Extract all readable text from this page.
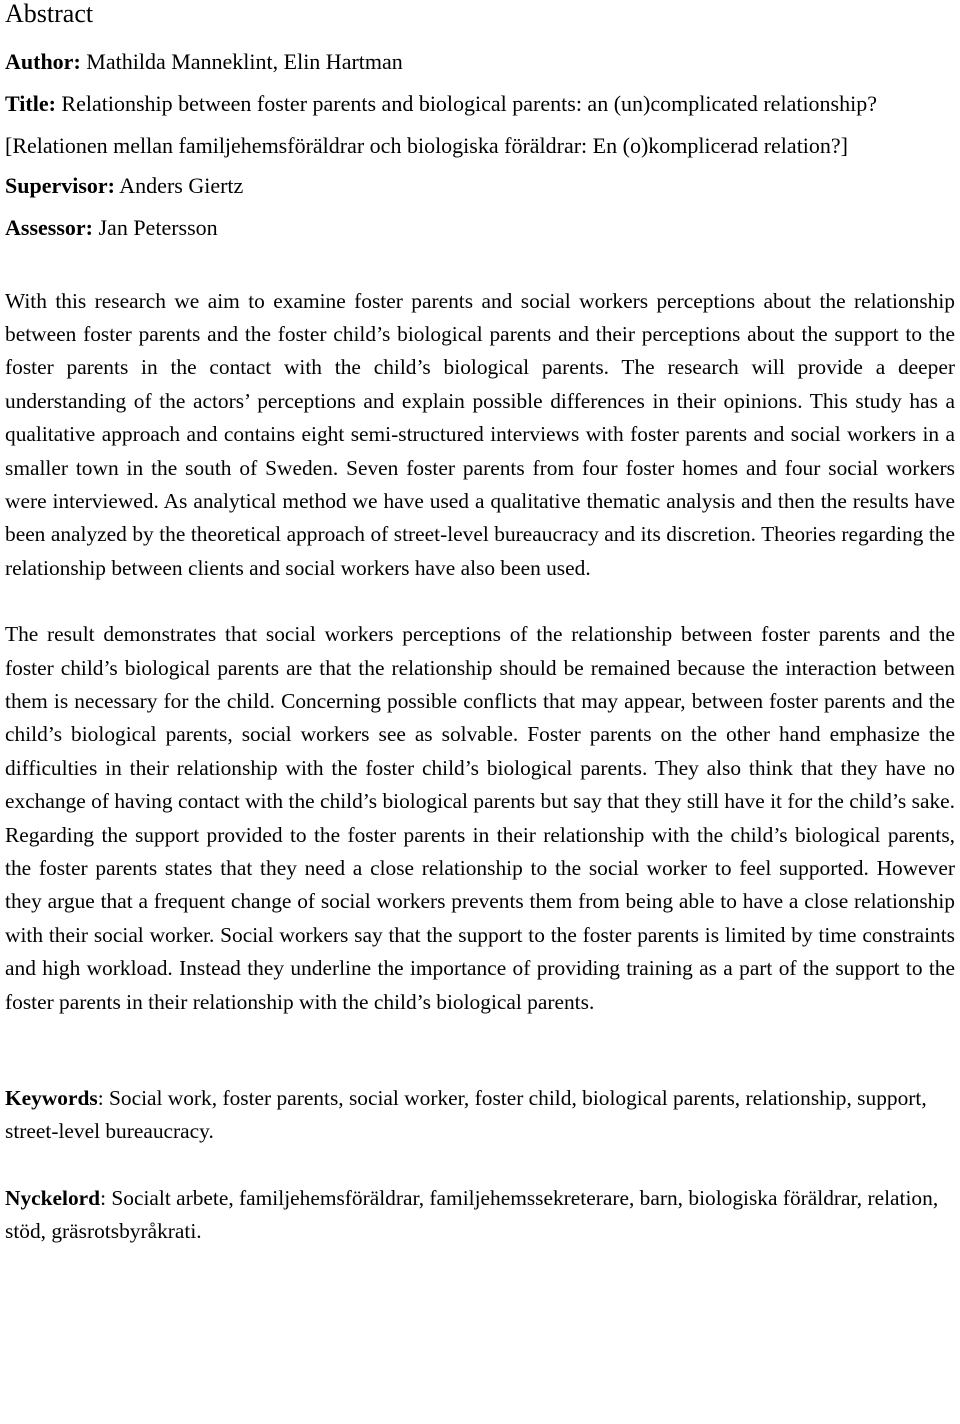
Abstract

Author: Mathilda Manneklint, Elin Hartman

Title: Relationship between foster parents and biological parents: an (un)complicated relationship? [Relationen mellan familjehemsföräldrar och biologiska föräldrar: En (o)komplicerad relation?]

Supervisor: Anders Giertz

Assessor: Jan Petersson

With this research we aim to examine foster parents and social workers perceptions about the relationship between foster parents and the foster child’s biological parents and their perceptions about the support to the foster parents in the contact with the child’s biological parents. The research will provide a deeper understanding of the actors’ perceptions and explain possible differences in their opinions. This study has a qualitative approach and contains eight semi-structured interviews with foster parents and social workers in a smaller town in the south of Sweden. Seven foster parents from four foster homes and four social workers were interviewed. As analytical method we have used a qualitative thematic analysis and then the results have been analyzed by the theoretical approach of street-level bureaucracy and its discretion. Theories regarding the relationship between clients and social workers have also been used.

The result demonstrates that social workers perceptions of the relationship between foster parents and the foster child’s biological parents are that the relationship should be remained because the interaction between them is necessary for the child. Concerning possible conflicts that may appear, between foster parents and the child’s biological parents, social workers see as solvable. Foster parents on the other hand emphasize the difficulties in their relationship with the foster child’s biological parents. They also think that they have no exchange of having contact with the child’s biological parents but say that they still have it for the child’s sake. Regarding the support provided to the foster parents in their relationship with the child’s biological parents, the foster parents states that they need a close relationship to the social worker to feel supported. However they argue that a frequent change of social workers prevents them from being able to have a close relationship with their social worker. Social workers say that the support to the foster parents is limited by time constraints and high workload. Instead they underline the importance of providing training as a part of the support to the foster parents in their relationship with the child’s biological parents.

Keywords: Social work, foster parents, social worker, foster child, biological parents, relationship, support, street-level bureaucracy.

Nyckelord: Socialt arbete, familjehemsföräldrar, familjehemssekreterare, barn, biologiska föräldrar, relation, stöd, gräsrotsbyråkrati.
